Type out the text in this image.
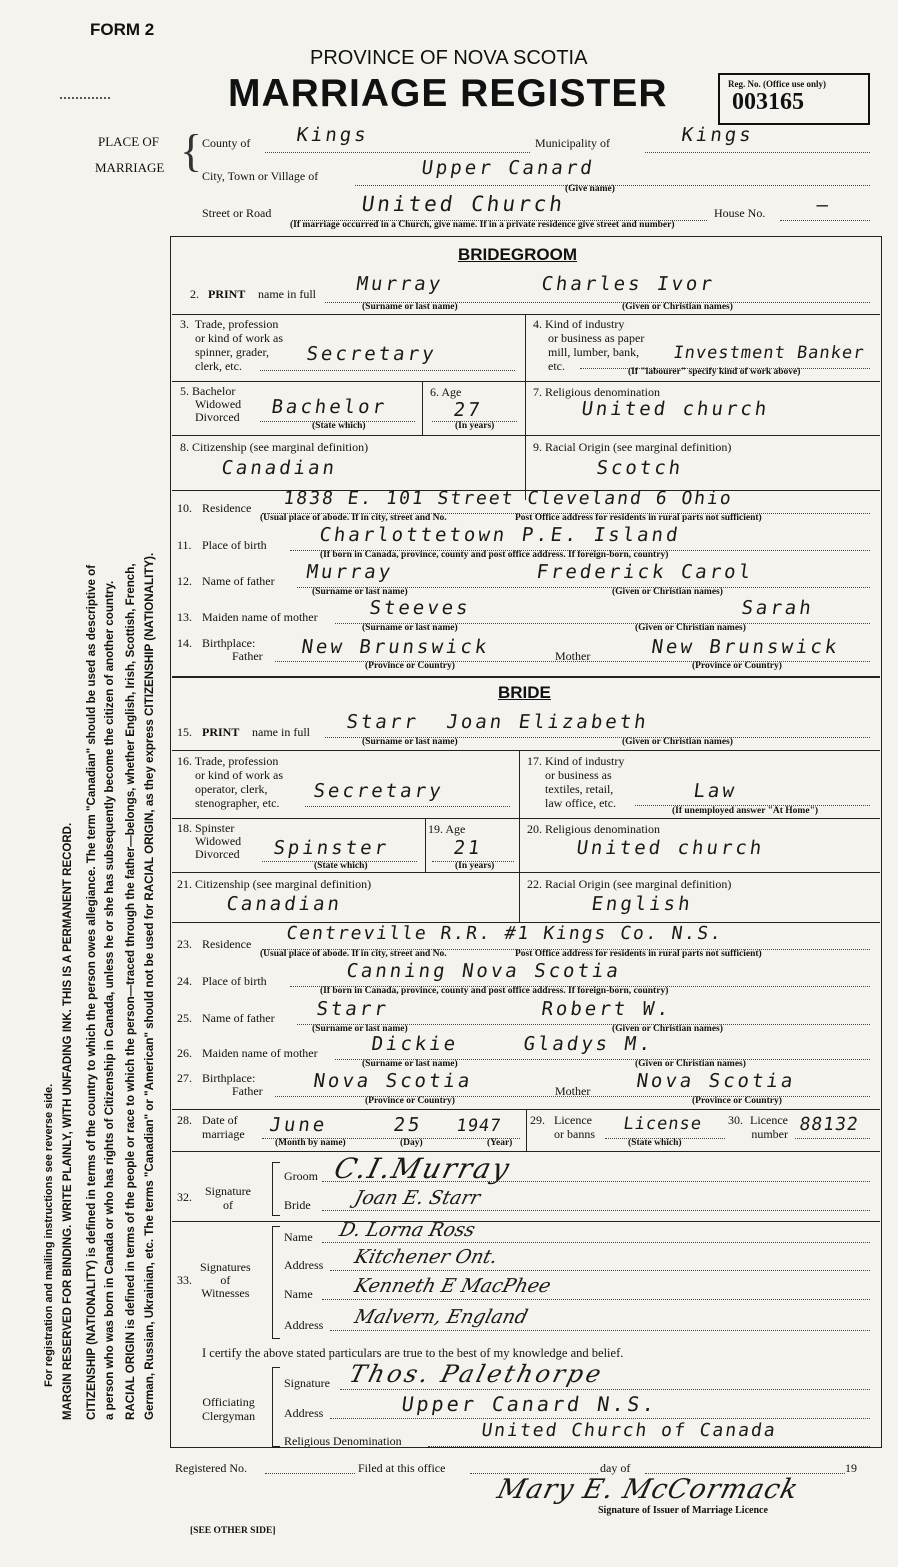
FORM 2
PROVINCE OF NOVA SCOTIA
MARRIAGE REGISTER	Reg. No. (Office use only)
003165
PLACE OF
MARRIAGE { County of Kings	Municipality of	Kings
City, Town or Village of	Upper Canard
(Give name)
Street or Road	United Church	House No.	–
(If marriage occurred in a Church, give name. If in a private residence give street and number)
BRIDEGROOM
2. PRINT name in full Murray	Charles Ivor
(Surname or last name)	(Given or Christian names)
3.  Trade, profession
or kind of work as
spinner, grader,
clerk, etc.
Secretary
4. Kind of industry
or business as paper
mill, lumber, bank,
etc.
Investment Banker
(If "labourer" specify kind of work above)
5. Bachelor
Widowed
Divorced Bachelor
(State which)
6. Age
27
(In years)
7. Religious denomination
United church
8. Citizenship (see marginal definition)
Canadian
9. Racial Origin (see marginal definition)
Scotch
10. Residence 1838 E. 101 Street Cleveland 6 Ohio
(Usual place of abode. If in city, street and No.	Post Office address for residents in rural parts not sufficient)
11. Place of birth	Charlottetown P.E. Island
(If born in Canada, province, county and post office address. If foreign-born, country)
12. Name of father Murray	Frederick Carol
(Surname or last name)	(Given or Christian names)
13. Maiden name of mother	Steeves	Sarah
(Surname or last name)	(Given or Christian names)
14. Birthplace:
Father New Brunswick	Mother	New Brunswick
(Province or Country)	(Province or Country)
BRIDE
15. PRINT name in full Starr Joan Elizabeth
(Surname or last name)	(Given or Christian names)
16. Trade, profession
or kind of work as
operator, clerk,
stenographer, etc.
Secretary
17. Kind of industry
or business as
textiles, retail,
law office, etc.
Law
(If unemployed answer "At Home")
18. Spinster
Widowed
Divorced Spinster
(State which)
19. Age
21
(In years)
20. Religious denomination
United church
21. Citizenship (see marginal definition)
Canadian
22. Racial Origin (see marginal definition)
English
23. Residence Centreville R.R. #1 Kings Co. N.S.
(Usual place of abode. If in city, street and No.	Post Office address for residents in rural parts not sufficient)
24. Place of birth	Canning Nova Scotia
(If born in Canada, province, county and post office address. If foreign-born, country)
25. Name of father Starr	Robert W.
(Surname or last name)	(Given or Christian names)
26. Maiden name of mother	Dickie	Gladys M.
(Surname or last name)	(Given or Christian names)
27. Birthplace:
Father	Nova Scotia	Mother Nova Scotia
(Province or Country)	(Province or Country)
28. Date of
marriage June	25 1947
(Month by name)	(Day)	(Year)
29. Licence
or banns License
(State which)
30. Licence
number 88132
32. Signature
of
Groom C.I.Murray
Bride Joan E. Starr
33.
Signatures
of
Witnesses
Name D. Lorna Ross
Address Kitchener Ont.
Name Kenneth E MacPhee
Address Malvern, England
I certify the above stated particulars are true to the best of my knowledge and belief.
Officiating
Clergyman
Signature Thos. Palethorpe
Address	Upper Canard N.S.
Religious Denomination	United Church of Canada
Registered No.	Filed at this office	day of	19
Mary E. McCormack
Signature of Issuer of Marriage Licence
[SEE OTHER SIDE]
For registration and mailing instructions see reverse side. MARGIN RESERVED FOR BINDING. WRITE PLAINLY, WITH UNFADING INK. THIS IS A PERMANENT RECORD. CITIZENSHIP (NATIONALITY) is defined in terms of the country to which the person owes allegiance. The term "Canadian" should be used as descriptive of a person who was born in Canada or who has rights of Citizenship in Canada, unless he or she has subsequently become the citizen of another country. RACIAL ORIGIN is defined in terms of the people or race to which the person—traced through the father—belongs, whether English, Irish, Scottish, French, German, Russian, Ukrainian, etc. The terms "Canadian" or "American" should not be used for RACIAL ORIGIN, as they express CITIZENSHIP (NATIONALITY).
